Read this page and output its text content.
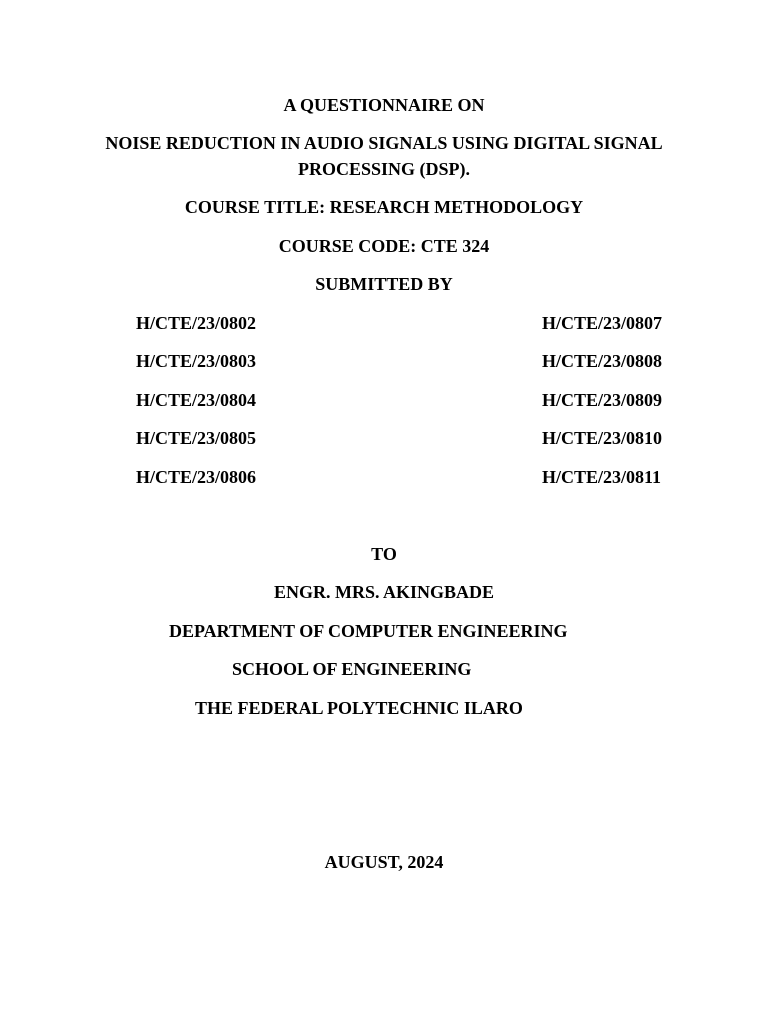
A QUESTIONNAIRE ON
NOISE REDUCTION IN AUDIO SIGNALS USING DIGITAL SIGNAL PROCESSING (DSP).
COURSE TITLE: RESEARCH METHODOLOGY
COURSE CODE: CTE 324
SUBMITTED BY
H/CTE/23/0802
H/CTE/23/0803
H/CTE/23/0804
H/CTE/23/0805
H/CTE/23/0806
H/CTE/23/0807
H/CTE/23/0808
H/CTE/23/0809
H/CTE/23/0810
H/CTE/23/0811
TO
ENGR. MRS. AKINGBADE
DEPARTMENT OF COMPUTER ENGINEERING
SCHOOL OF ENGINEERING
THE FEDERAL POLYTECHNIC ILARO
AUGUST, 2024
